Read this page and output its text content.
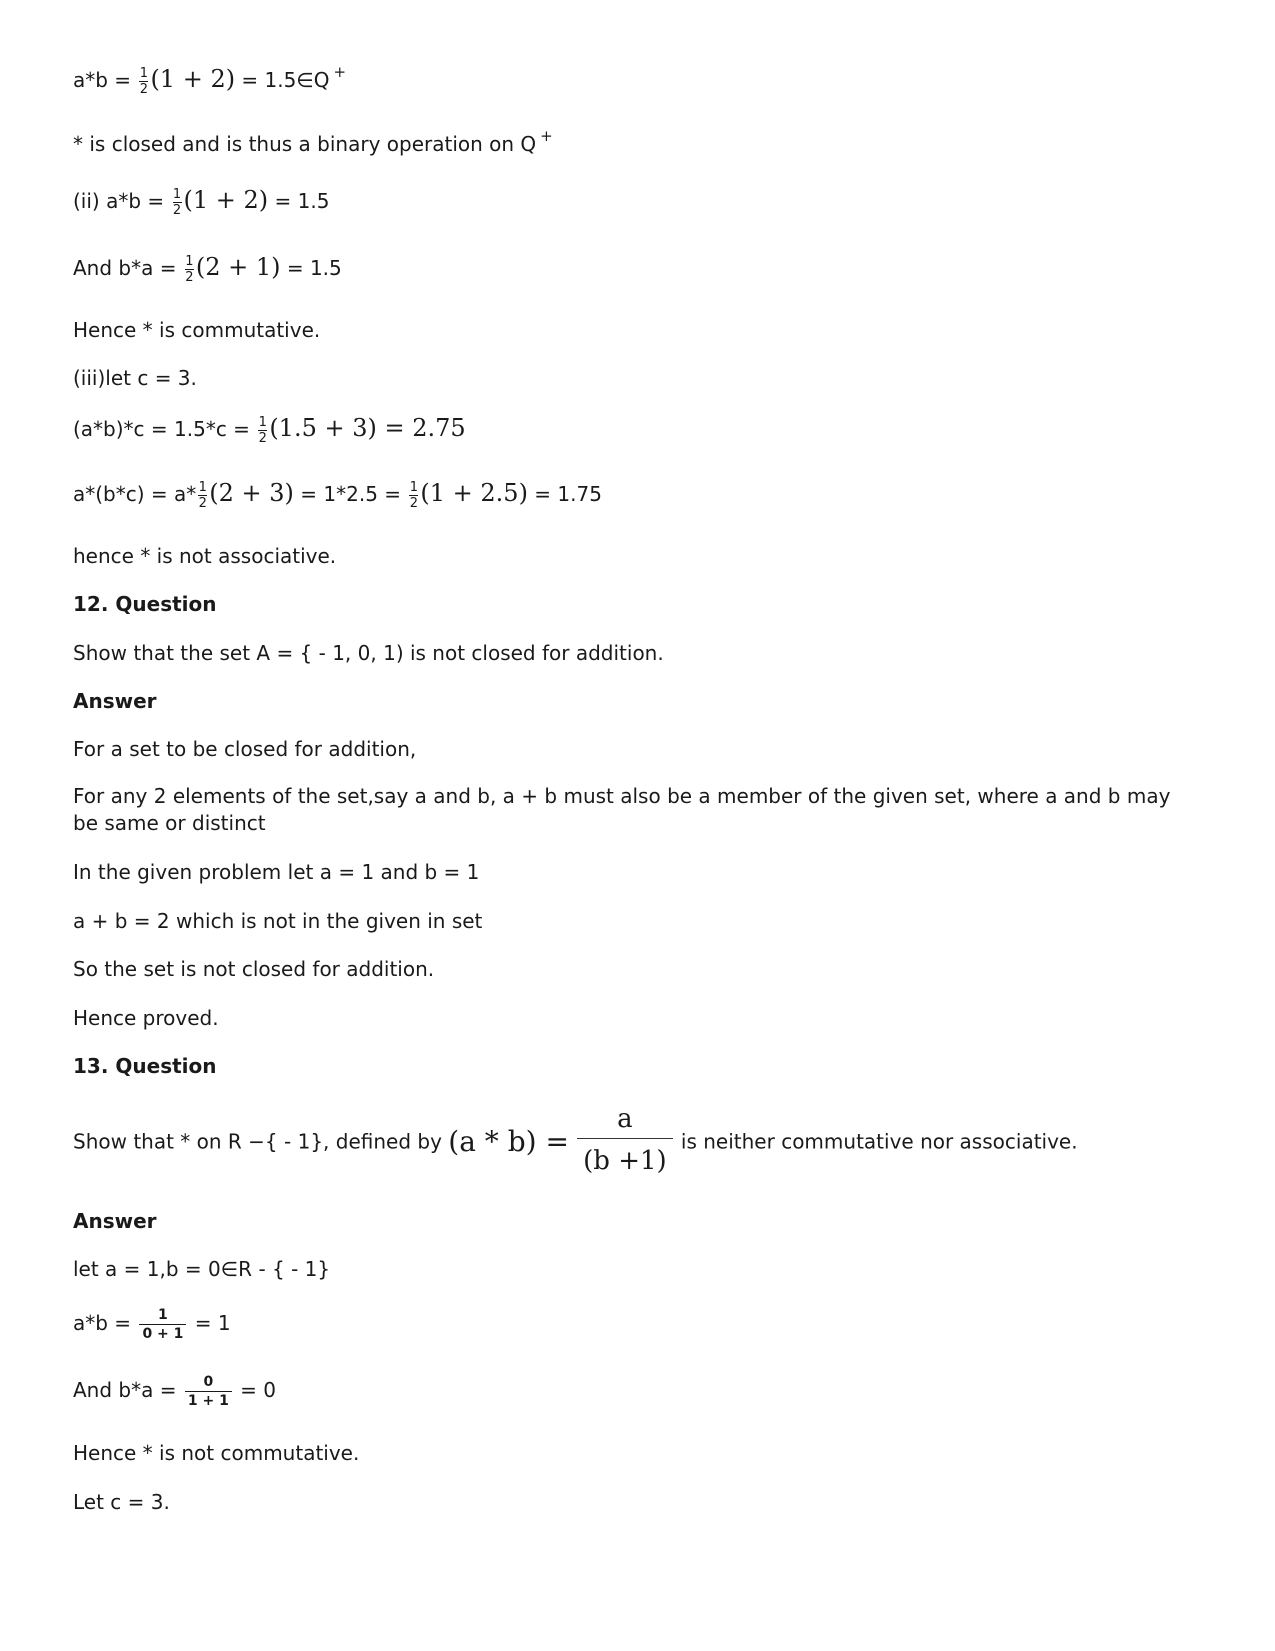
$a*b = \frac{1}{2} (1 + 2)$ = 1.5∈Q +
* is closed and is thus a binary operation on Q +
(ii) $a*b = \frac{1}{2} (1 + 2) = 1.5$
And $b*a = \frac{1}{2} (2 + 1) = 1.5$
Hence * is commutative.
(iii)let c = 3.
$(a*b)*c = 1.5*c = \frac{1}{2} (1.5 + 3) = 2.75$
$a*(b*c) = a* \frac{1}{2} (2 + 3) = 1*2.5 = \frac{1}{2} (1 + 2.5) = 1.75$
hence * is not associative.
12. Question
Show that the set A = { - 1, 0, 1) is not closed for addition.
Answer
For a set to be closed for addition,
For any 2 elements of the set,say a and b, a + b must also be a member of the given set, where a and b may be same or distinct
In the given problem let a = 1 and b = 1
a + b = 2 which is not in the given in set
So the set is not closed for addition.
Hence proved.
13. Question
Show that * on R −{ - 1}, defined by $(a * b) = \frac{a}{(b +1)}$ is neither commutative nor associative.
Answer
let a = 1,b = 0∈R - { - 1}
$a*b = \frac{1}{0 + 1} = 1$
And $b*a = \frac{0}{1 + 1} = 0$
Hence * is not commutative.
Let c = 3.
